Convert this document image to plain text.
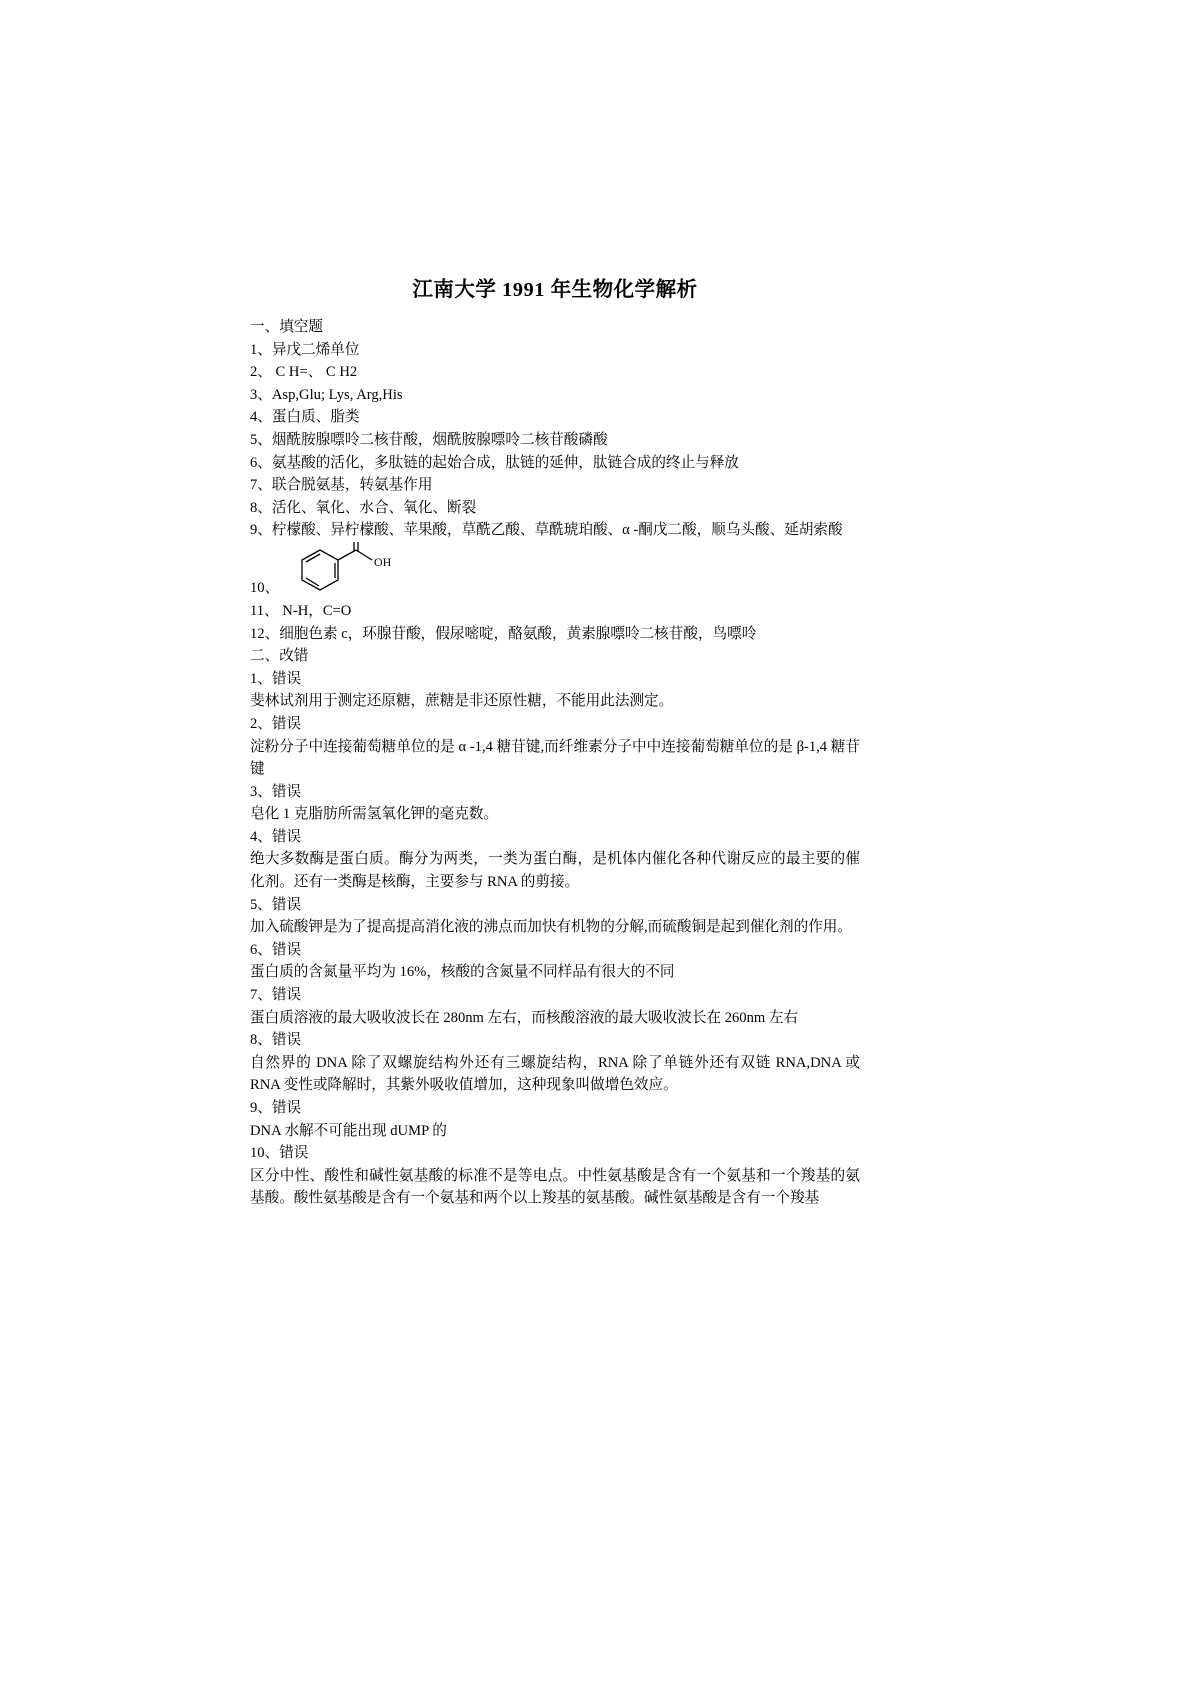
江南大学 1991 年生物化学解析
一、填空题

1、异戊二烯单位

2、 C H=、 C H2

3、Asp,Glu; Lys, Arg,His

4、蛋白质、脂类

5、烟酰胺腺嘌呤二核苷酸，烟酰胺腺嘌呤二核苷酸磷酸

6、氨基酸的活化，多肽链的起始合成，肽链的延伸，肽链合成的终止与释放

7、联合脱氨基，转氨基作用

8、活化、氧化、水合、氧化、断裂

9、柠檬酸、异柠檬酸、苹果酸，草酰乙酸、草酰琥珀酸、α -酮戊二酸，顺乌头酸、延胡索酸

10、
OH

11、 N-H，C=O

12、细胞色素 c，环腺苷酸，假尿嘧啶，酪氨酸，黄素腺嘌呤二核苷酸，鸟嘌呤

二、改错

1、错误

斐林试剂用于测定还原糖，蔗糖是非还原性糖，不能用此法测定。

2、错误

淀粉分子中连接葡萄糖单位的是 α -1,4 糖苷键,而纤维素分子中中连接葡萄糖单位的是 β-1,4 糖苷键

3、错误

皂化 1 克脂肪所需氢氧化钾的毫克数。

4、错误

绝大多数酶是蛋白质。酶分为两类，一类为蛋白酶，是机体内催化各种代谢反应的最主要的催化剂。还有一类酶是核酶，主要参与 RNA 的剪接。

5、错误

加入硫酸钾是为了提高提高消化液的沸点而加快有机物的分解,而硫酸铜是起到催化剂的作用。

6、错误

蛋白质的含氮量平均为 16%，核酸的含氮量不同样品有很大的不同

7、错误

蛋白质溶液的最大吸收波长在 280nm 左右，而核酸溶液的最大吸收波长在 260nm 左右

8、错误

自然界的 DNA 除了双螺旋结构外还有三螺旋结构，RNA 除了单链外还有双链 RNA,DNA 或 RNA 变性或降解时，其紫外吸收值增加，这种现象叫做增色效应。

9、错误

DNA 水解不可能出现 dUMP 的

10、错误

区分中性、酸性和碱性氨基酸的标准不是等电点。中性氨基酸是含有一个氨基和一个羧基的氨基酸。酸性氨基酸是含有一个氨基和两个以上羧基的氨基酸。碱性氨基酸是含有一个羧基
